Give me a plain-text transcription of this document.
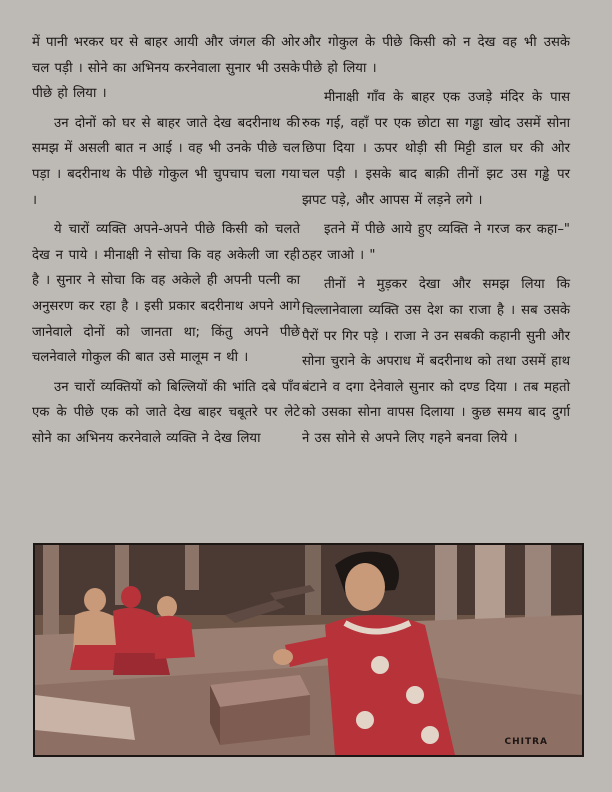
में पानी भरकर घर से बाहर आयी और जंगल की ओर चल पड़ी । सोने का अभिनय करनेवाला सुनार भी उसके पीछे हो लिया ।

उन दोनों को घर से बाहर जाते देख बदरीनाथ की समझ में असली बात न आई । वह भी उनके पीछे चल पड़ा । बदरीनाथ के पीछे गोकुल भी चुपचाप चला गया ।

ये चारों व्यक्ति अपने-अपने पीछे किसी को चलते देख न पाये । मीनाक्षी ने सोचा कि वह अकेली जा रही है । सुनार ने सोचा कि वह अकेले ही अपनी पत्नी का अनुसरण कर रहा है । इसी प्रकार बदरीनाथ अपने आगे जानेवाले दोनों को जानता था; किंतु अपने पीछे चलनेवाले गोकुल की बात उसे मालूम न थी ।

उन चारों व्यक्तियों को बिल्लियों की भांति दबे पाँव एक के पीछे एक को जाते देख बाहर चबूतरे पर लेटे सोने का अभिनय करनेवाले व्यक्ति ने देख लिया

और गोकुल के पीछे किसी को न देख वह भी उसके पीछे हो लिया ।

मीनाक्षी गाँव के बाहर एक उजड़े मंदिर के पास रुक गई, वहाँ पर एक छोटा सा गड्ढा खोद उसमें सोना छिपा दिया । ऊपर थोड़ी सी मिट्टी डाल घर की ओर चल पड़ी । इसके बाद बाक़ी तीनों झट उस गड्ढे पर झपट पड़े, और आपस में लड़ने लगे ।

इतने में पीछे आये हुए व्यक्ति ने गरज कर कहा–" ठहर जाओ । "

तीनों ने मुड़कर देखा और समझ लिया कि चिल्लानेवाला व्यक्ति उस देश का राजा है । सब उसके पैरों पर गिर पड़े । राजा ने उन सबकी कहानी सुनी और सोना चुराने के अपराध में बदरीनाथ को तथा उसमें हाथ बंटाने व दगा देनेवाले सुनार को दण्ड दिया । तब महतो को उसका सोना वापस दिलाया । कुछ समय बाद दुर्गा ने उस सोने से अपने लिए गहने बनवा लिये ।

CHITRA
